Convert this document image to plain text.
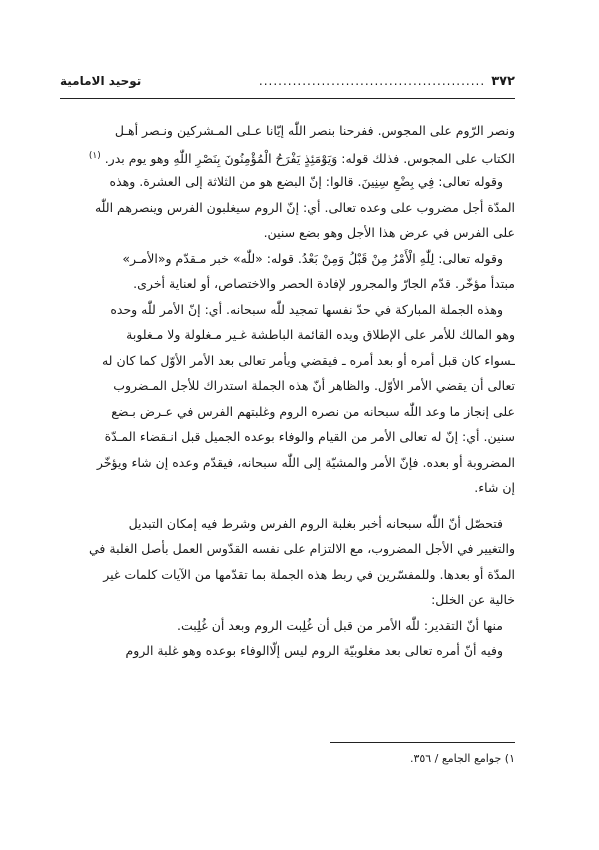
٣٧٢
...............................................
توحيد الامامية
ونصر الرّوم على المجوس. ففرحنا بنصر اللّٰه إيّانا عـلى المـشركين ونـصر أهـل
الكتاب على المجوس. فذلك قوله: وَيَوْمَئِذٍ يَفْرَحُ الْمُؤْمِنُونَ بِنَصْرِ اللّٰهِ وهو يوم بدر. $^{(١)}$
وقوله تعالى: فِي بِضْعِ سِنِينَ. قالوا: إنّ البضع هو من الثلاثة إلى العشرة. وهذه
المدّة أجل مضروب على وعده تعالى. أي: إنّ الروم سيغلبون الفرس وينصرهم اللّٰه
على الفرس في عرض هذا الأجل وهو بضع سنين.
وقوله تعالى: لِلّٰهِ الْأَمْرُ مِنْ قَبْلُ وَمِنْ بَعْدُ. قوله: «للّٰه» خبر مـقدّم و«الأمـر»
مبتدأ مؤخّر. قدّم الجارّ والمجرور لإفادة الحصر والاختصاص، أو لعناية أخرى.
وهذه الجملة المباركة في حدّ نفسها تمجيد للّٰه سبحانه. أي: إنّ الأمر للّٰه وحده
وهو المالك للأمر على الإطلاق ويده القائمة الباطشة غـير مـغلولة ولا مـغلوبة
ـسواء كان قبل أمره أو بعد أمره ـ فيقضي ويأمر تعالى بعد الأمر الأوّل كما كان له
تعالى أن يقضي الأمر الأوّل. والظاهر أنّ هذه الجملة استدراك للأجل المـضروب
على إنجاز ما وعد اللّٰه سبحانه من نصره الروم وغلبتهم الفرس في عـرض بـضع
سنين. أي: إنّ له تعالى الأمر من القيام والوفاء بوعده الجميل قبل انـقضاء المـدّة
المضروبة أو بعده. فإنّ الأمر والمشيّة إلى اللّٰه سبحانه، فيقدّم وعده إن شاء ويؤخّر
إن شاء.
فتحصّل أنّ اللّٰه سبحانه أخبر بغلبة الروم الفرس وشرط فيه إمكان التبديل
والتغيير في الأجل المضروب، مع الالتزام على نفسه القدّوس العمل بأصل الغلبة في
المدّة أو بعدها. وللمفسّرين في ربط هذه الجملة بما تقدّمها من الآيات كلمات غير
خالية عن الخلل:
منها أنّ التقدير: للّٰه الأمر من قبل أن غُلِبت الروم وبعد أن غُلِبت.
وفيه أنّ أمره تعالى بعد مغلوبيّة الروم ليس إلّاالوفاء بوعده وهو غلبة الروم
١) جوامع الجامع / ٣٥٦.
